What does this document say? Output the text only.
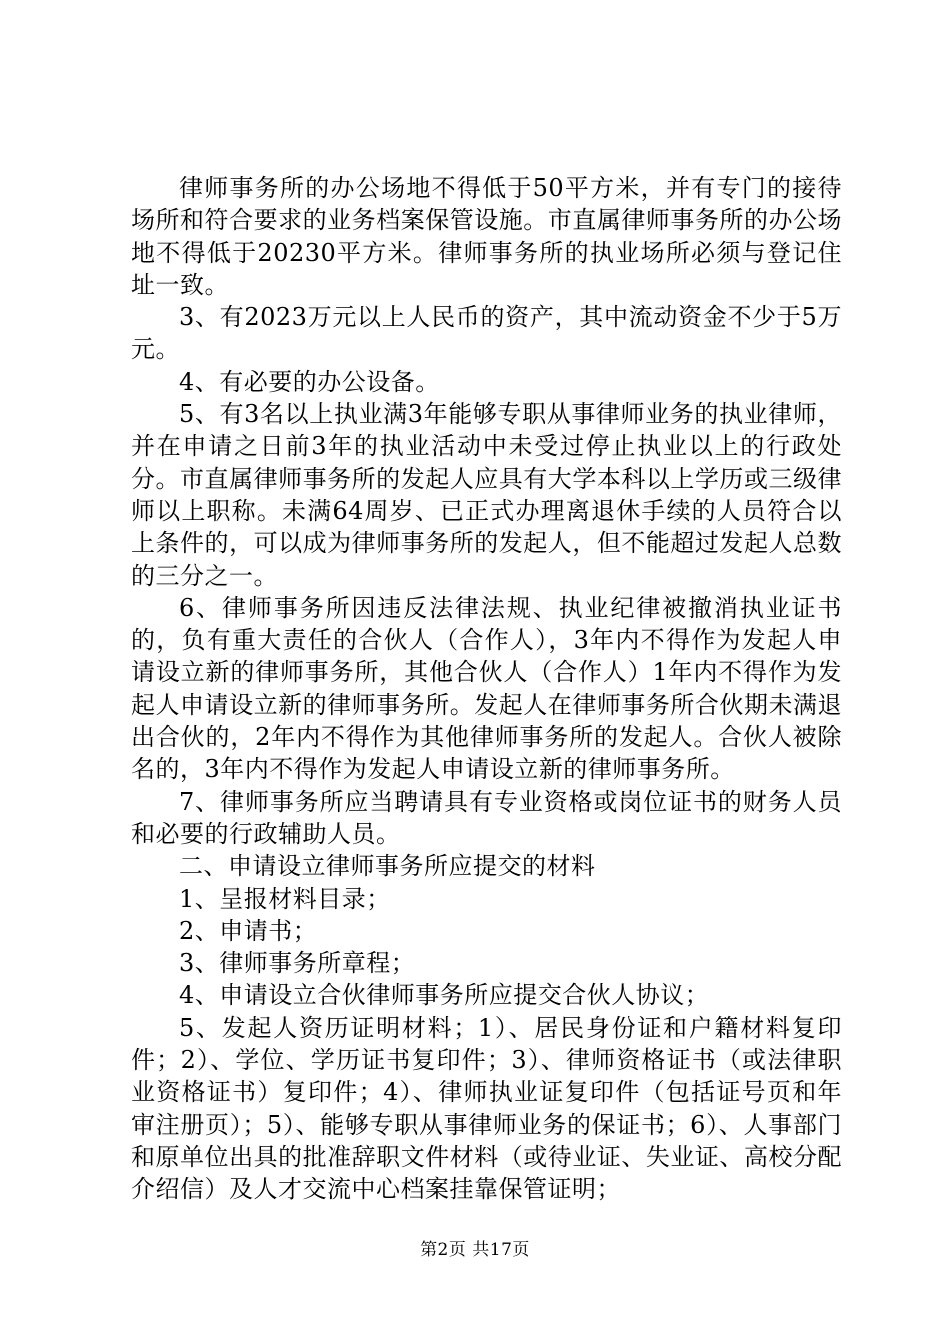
律师事务所的办公场地不得低于50平方米，并有专门的接待场所和符合要求的业务档案保管设施。市直属律师事务所的办公场地不得低于20230平方米。律师事务所的执业场所必须与登记住址一致。

3、有2023万元以上人民币的资产，其中流动资金不少于5万元。

4、有必要的办公设备。

5、有3名以上执业满3年能够专职从事律师业务的执业律师，并在申请之日前3年的执业活动中未受过停止执业以上的行政处分。市直属律师事务所的发起人应具有大学本科以上学历或三级律师以上职称。未满64周岁、已正式办理离退休手续的人员符合以上条件的，可以成为律师事务所的发起人，但不能超过发起人总数的三分之一。

6、律师事务所因违反法律法规、执业纪律被撤消执业证书的，负有重大责任的合伙人（合作人），3年内不得作为发起人申请设立新的律师事务所，其他合伙人（合作人）1年内不得作为发起人申请设立新的律师事务所。发起人在律师事务所合伙期未满退出合伙的，2年内不得作为其他律师事务所的发起人。合伙人被除名的，3年内不得作为发起人申请设立新的律师事务所。

7、律师事务所应当聘请具有专业资格或岗位证书的财务人员和必要的行政辅助人员。

二、申请设立律师事务所应提交的材料

1、呈报材料目录；

2、申请书；

3、律师事务所章程；

4、申请设立合伙律师事务所应提交合伙人协议；

5、发起人资历证明材料；1）、居民身份证和户籍材料复印件；2）、学位、学历证书复印件；3）、律师资格证书（或法律职业资格证书）复印件；4）、律师执业证复印件（包括证号页和年审注册页）；5）、能够专职从事律师业务的保证书；6）、人事部门和原单位出具的批准辞职文件材料（或待业证、失业证、高校分配介绍信）及人才交流中心档案挂靠保管证明；

第2页 共17页
